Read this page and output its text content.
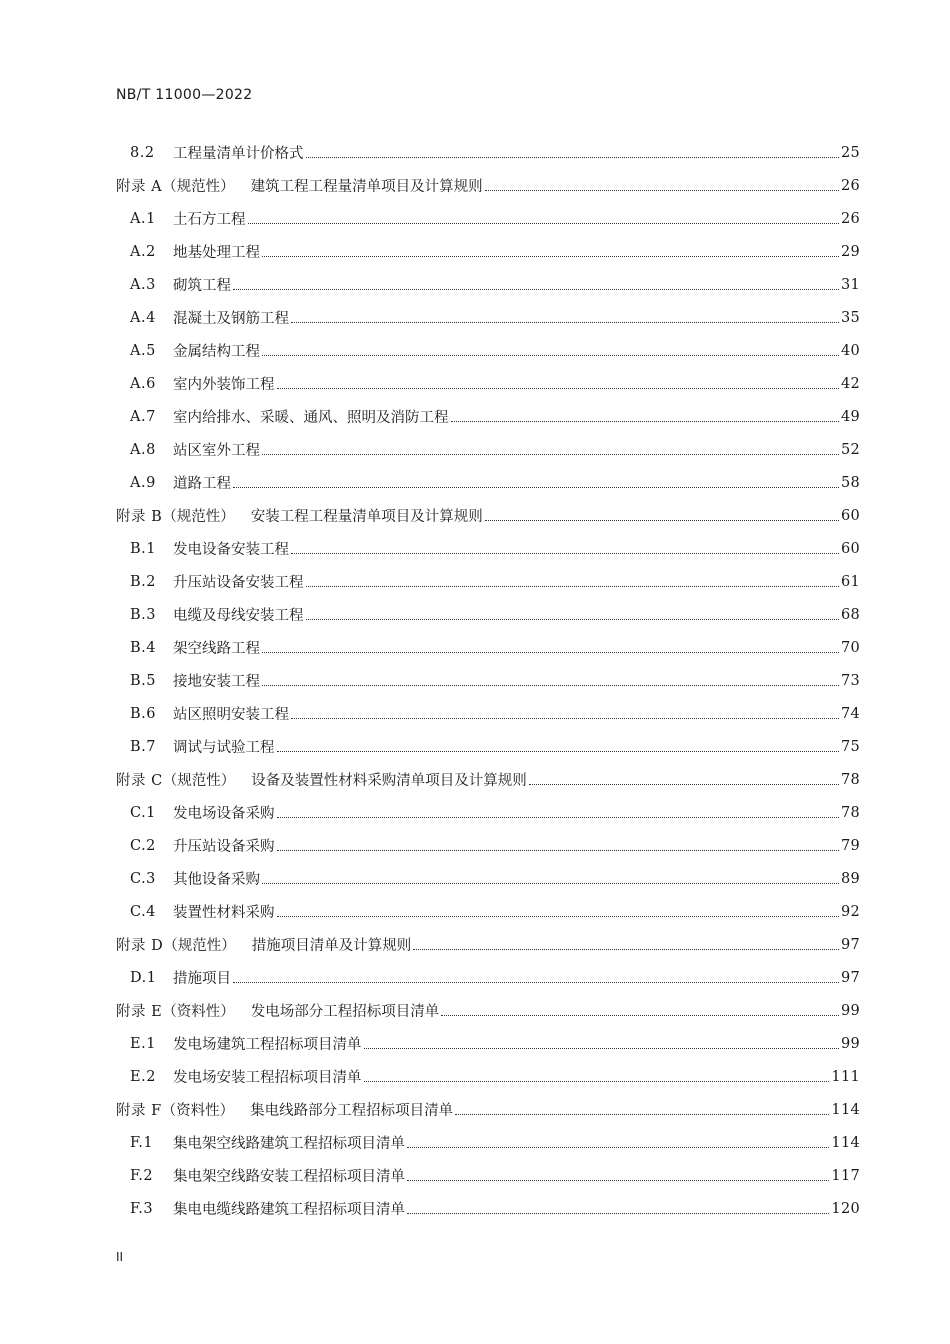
NB/T 11000—2022
8.2	工程量清单计价格式	25
附录 A （规范性） 建筑工程工程量清单项目及计算规则	26
A.1	土石方工程	26
A.2	地基处理工程	29
A.3	砌筑工程	31
A.4	混凝土及钢筋工程	35
A.5	金属结构工程	40
A.6	室内外装饰工程	42
A.7	室内给排水、采暖、通风、照明及消防工程	49
A.8	站区室外工程	52
A.9	道路工程	58
附录 B （规范性） 安装工程工程量清单项目及计算规则	60
B.1	发电设备安装工程	60
B.2	升压站设备安装工程	61
B.3	电缆及母线安装工程	68
B.4	架空线路工程	70
B.5	接地安装工程	73
B.6	站区照明安装工程	74
B.7	调试与试验工程	75
附录 C （规范性） 设备及装置性材料采购清单项目及计算规则	78
C.1	发电场设备采购	78
C.2	升压站设备采购	79
C.3	其他设备采购	89
C.4	装置性材料采购	92
附录 D （规范性） 措施项目清单及计算规则	97
D.1	措施项目	97
附录 E （资料性） 发电场部分工程招标项目清单	99
E.1	发电场建筑工程招标项目清单	99
E.2	发电场安装工程招标项目清单	111
附录 F （资料性） 集电线路部分工程招标项目清单	114
F.1	集电架空线路建筑工程招标项目清单	114
F.2	集电架空线路安装工程招标项目清单	117
F.3	集电电缆线路建筑工程招标项目清单	120
II
